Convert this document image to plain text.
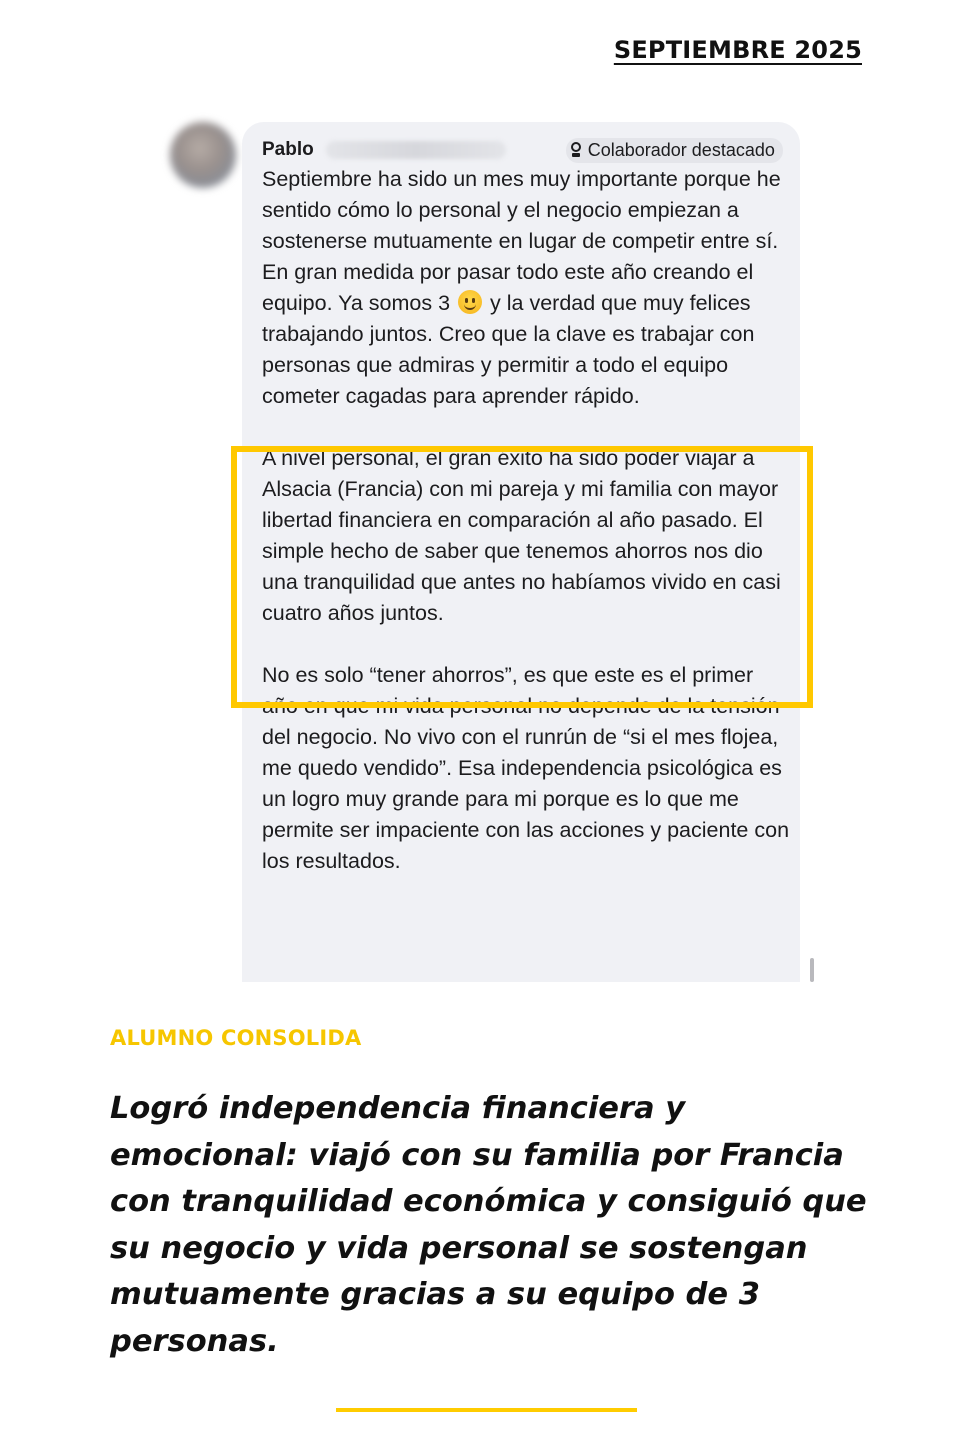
SEPTIEMBRE 2025
Pablo	Colaborador destacado

Septiembre ha sido un mes muy importante porque he sentido cómo lo personal y el negocio empiezan a sostenerse mutuamente en lugar de competir entre sí. En gran medida por pasar todo este año creando el equipo. Ya somos 3 y la verdad que muy felices trabajando juntos. Creo que la clave es trabajar con personas que admiras y permitir a todo el equipo cometer cagadas para aprender rápido.

A nivel personal, el gran éxito ha sido poder viajar a Alsacia (Francia) con mi pareja y mi familia con mayor libertad financiera en comparación al año pasado. El simple hecho de saber que tenemos ahorros nos dio una tranquilidad que antes no habíamos vivido en casi cuatro años juntos.

No es solo “tener ahorros”, es que este es el primer año en que mi vida personal no depende de la tensión del negocio. No vivo con el runrún de “si el mes flojea, me quedo vendido”. Esa independencia psicológica es un logro muy grande para mi porque es lo que me permite ser impaciente con las acciones y paciente con los resultados.

ALUMNO CONSOLIDA

Logró independencia financiera y emocional: viajó con su familia por Francia con tranquilidad económica y consiguió que su negocio y vida personal se sostengan mutuamente gracias a su equipo de 3 personas.
